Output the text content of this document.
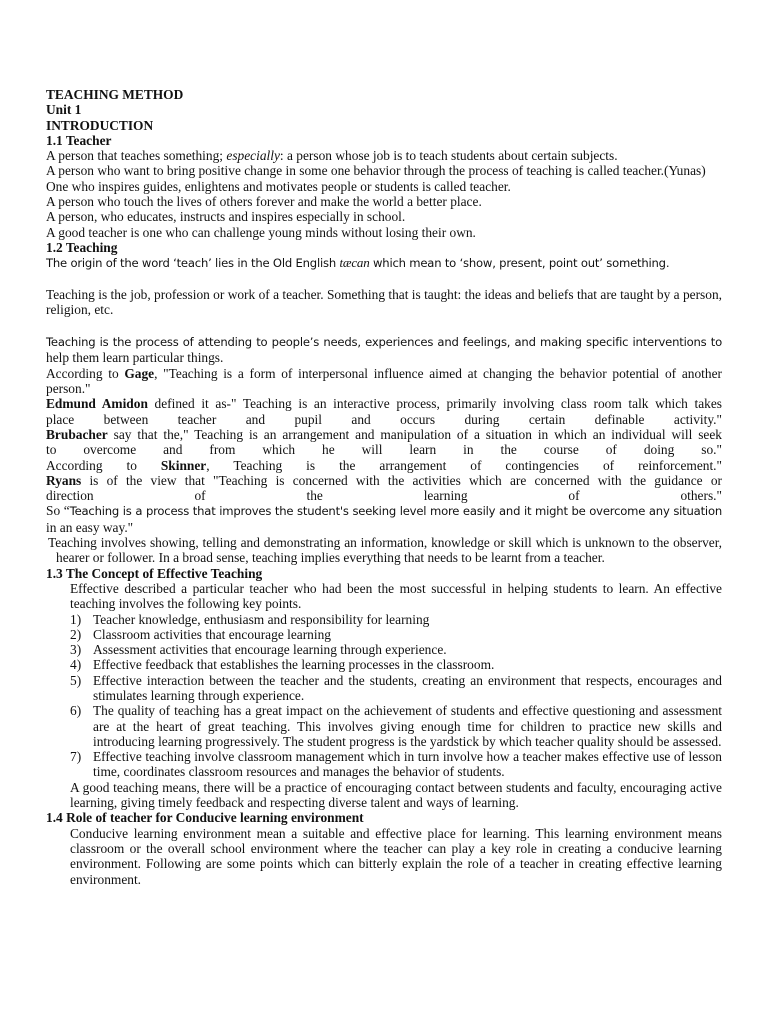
TEACHING METHOD

Unit 1

INTRODUCTION

1.1 Teacher

A person that teaches something; especially: a person whose job is to teach students about certain subjects.

A person who want to bring positive change in some one behavior through the process of teaching is called teacher.(Yunas)

One who inspires guides, enlightens and motivates people or students is called teacher.

A person who touch the lives of others forever and make the world a better place.

A person, who educates, instructs and inspires especially in school.

A good teacher is one who can challenge young minds without losing their own.

1.2 Teaching

The origin of the word ‘teach’ lies in the Old English tæcan which mean to ‘show, present, point out’ something.

Teaching is the job, profession or work of a teacher. Something that is taught: the ideas and beliefs that are taught by a person, religion, etc.

Teaching is the process of attending to people’s needs, experiences and feelings, and making specific interventions to

help them learn particular things.

According to Gage, "Teaching is a form of interpersonal influence aimed at changing the behavior potential of another person."

Edmund Amidon defined it as-" Teaching is an interactive process, primarily involving class room talk which takes

place between teacher and pupil and occurs during certain definable activity."

Brubacher say that the," Teaching is an arrangement and manipulation of a situation in which an individual will seek

to overcome and from which he will learn in the course of doing so."

According to Skinner, Teaching is the arrangement of contingencies of reinforcement."

Ryans is of the view that "Teaching is concerned with the activities which are concerned with the guidance or

direction of the learning of others."

So “Teaching is a process that improves the student's seeking level more easily and it might be overcome any situation

in an easy way."

Teaching involves showing, telling and demonstrating an information, knowledge or skill which is unknown to the observer, hearer or follower. In a broad sense, teaching implies everything that needs to be learnt from a teacher.

1.3 The Concept of Effective Teaching

Effective described a particular teacher who had been the most successful in helping students to learn. An effective teaching involves the following key points.

1) Teacher knowledge, enthusiasm and responsibility for learning
2) Classroom activities that encourage learning
3) Assessment activities that encourage learning through experience.
4) Effective feedback that establishes the learning processes in the classroom.
5) Effective interaction between the teacher and the students, creating an environment that respects, encourages and stimulates learning through experience.
6) The quality of teaching has a great impact on the achievement of students and effective questioning and assessment are at the heart of great teaching. This involves giving enough time for children to practice new skills and introducing learning progressively. The student progress is the yardstick by which teacher quality should be assessed.
7) Effective teaching involve classroom management which in turn involve how a teacher makes effective use of lesson time, coordinates classroom resources and manages the behavior of students.

A good teaching means, there will be a practice of encouraging contact between students and faculty, encouraging active learning, giving timely feedback and respecting diverse talent and ways of learning.

1.4 Role of teacher for Conducive learning environment

Conducive learning environment mean a suitable and effective place for learning. This learning environment means classroom or the overall school environment where the teacher can play a key role in creating a conducive learning environment. Following are some points which can bitterly explain the role of a teacher in creating effective learning environment.
